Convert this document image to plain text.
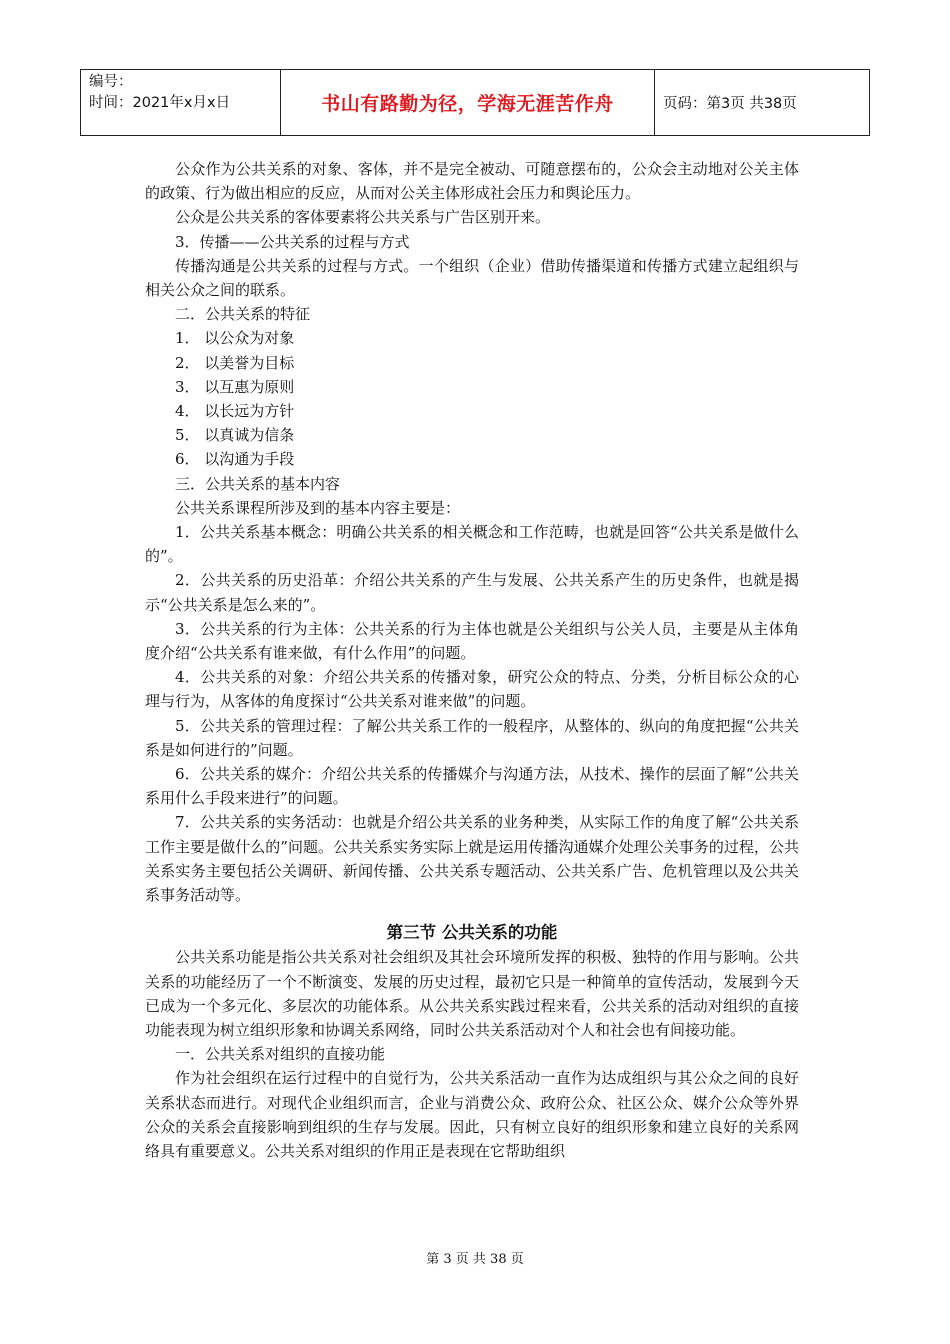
编号：
时间：2021年x月x日	书山有路勤为径，学海无涯苦作舟	页码：第3页 共38页

公众作为公共关系的对象、客体，并不是完全被动、可随意摆布的，公众会主动地对公关主体的政策、行为做出相应的反应，从而对公关主体形成社会压力和舆论压力。

公众是公共关系的客体要素将公共关系与广告区别开来。

3．传播——公共关系的过程与方式

传播沟通是公共关系的过程与方式。一个组织（企业）借助传播渠道和传播方式建立起组织与相关公众之间的联系。

二．公共关系的特征

1． 以公众为对象

2． 以美誉为目标

3． 以互惠为原则

4． 以长远为方针

5． 以真诚为信条

6． 以沟通为手段

三．公共关系的基本内容

公共关系课程所涉及到的基本内容主要是：

1．公共关系基本概念：明确公共关系的相关概念和工作范畴，也就是回答“公共关系是做什么的”。

2．公共关系的历史沿革：介绍公共关系的产生与发展、公共关系产生的历史条件，也就是揭示“公共关系是怎么来的”。

3．公共关系的行为主体：公共关系的行为主体也就是公关组织与公关人员，主要是从主体角度介绍“公共关系有谁来做，有什么作用”的问题。

4．公共关系的对象：介绍公共关系的传播对象，研究公众的特点、分类，分析目标公众的心理与行为，从客体的角度探讨“公共关系对谁来做”的问题。

5．公共关系的管理过程：了解公共关系工作的一般程序，从整体的、纵向的角度把握“公共关系是如何进行的”问题。

6．公共关系的媒介：介绍公共关系的传播媒介与沟通方法，从技术、操作的层面了解“公共关系用什么手段来进行”的问题。

7．公共关系的实务活动：也就是介绍公共关系的业务种类，从实际工作的角度了解“公共关系工作主要是做什么的”问题。公共关系实务实际上就是运用传播沟通媒介处理公关事务的过程，公共关系实务主要包括公关调研、新闻传播、公共关系专题活动、公共关系广告、危机管理以及公共关系事务活动等。

第三节 公共关系的功能

公共关系功能是指公共关系对社会组织及其社会环境所发挥的积极、独特的作用与影响。公共关系的功能经历了一个不断演变、发展的历史过程，最初它只是一种简单的宣传活动，发展到今天已成为一个多元化、多层次的功能体系。从公共关系实践过程来看，公共关系的活动对组织的直接功能表现为树立组织形象和协调关系网络，同时公共关系活动对个人和社会也有间接功能。

一．公共关系对组织的直接功能

作为社会组织在运行过程中的自觉行为，公共关系活动一直作为达成组织与其公众之间的良好关系状态而进行。对现代企业组织而言，企业与消费公众、政府公众、社区公众、媒介公众等外界公众的关系会直接影响到组织的生存与发展。因此，只有树立良好的组织形象和建立良好的关系网络具有重要意义。公共关系对组织的作用正是表现在它帮助组织

第 3 页 共 38 页
